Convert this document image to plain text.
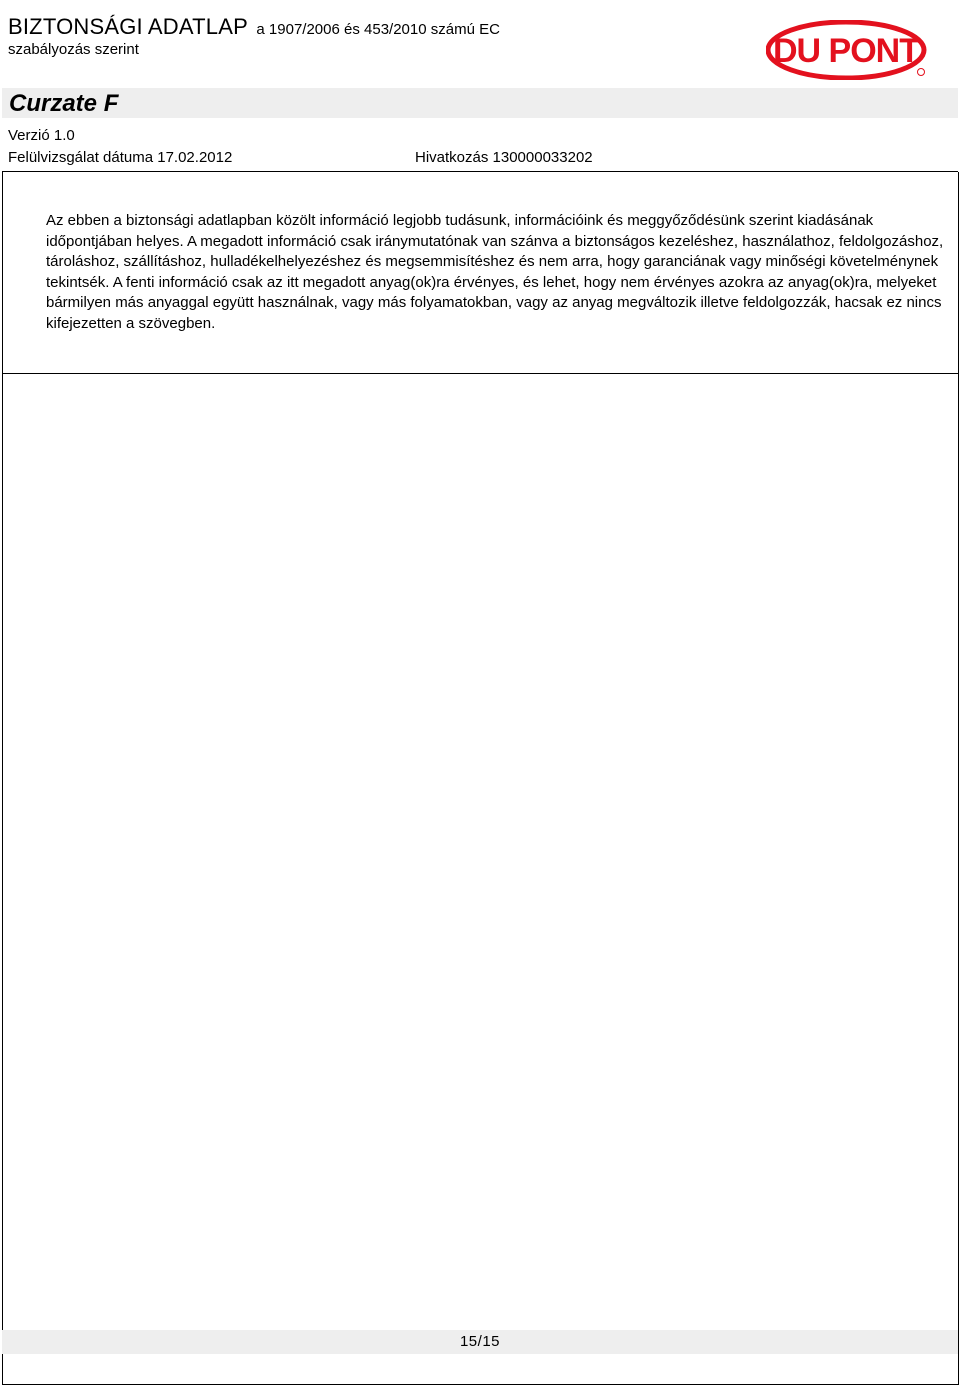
BIZTONSÁGI ADATLAP a 1907/2006 és 453/2010 számú EC
szabályozás szerint	DU PONT
Curzate F
Verzió 1.0
Felülvizsgálat dátuma 17.02.2012	Hivatkozás 130000033202

Az ebben a biztonsági adatlapban közölt információ legjobb tudásunk, információink és meggyőződésünk szerint kiadásának időpontjában helyes. A megadott információ csak iránymutatónak van szánva a biztonságos kezeléshez, használathoz, feldolgozáshoz, tároláshoz, szállításhoz, hulladékelhelyezéshez és megsemmisítéshez és nem arra, hogy garanciának vagy minőségi követelménynek tekintsék. A fenti információ csak az itt megadott anyag(ok)ra érvényes, és lehet, hogy nem érvényes azokra az anyag(ok)ra, melyeket bármilyen más anyaggal együtt használnak, vagy más folyamatokban, vagy az anyag megváltozik illetve feldolgozzák, hacsak ez nincs kifejezetten a szövegben.

15/15
